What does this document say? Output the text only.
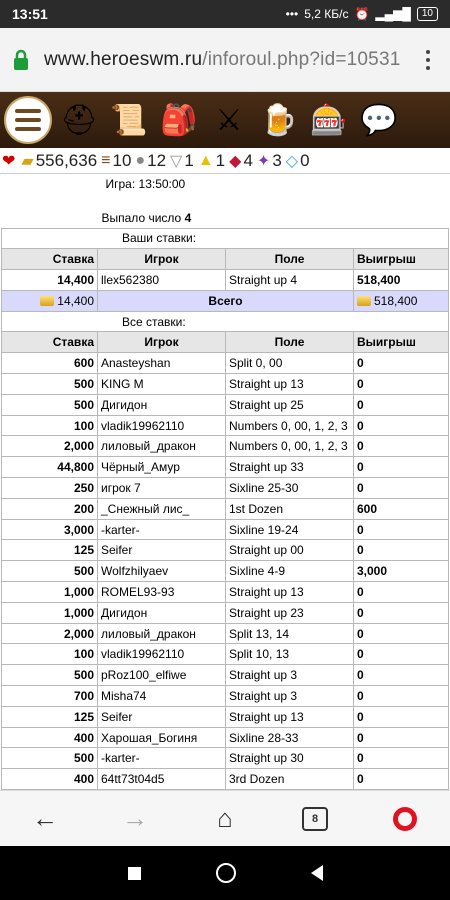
13:51	••• 5,2 КБ/с ⏰ ▂▄▆█	10
www.heroeswm.ru/inforoul.php?id=10531
⛑ 📜 🎒 ⚔ 🍺 🎰 💬
❤ ▰ 556,636 ≡ 10 ● 12 ▽ 1 ▲ 1 ◆ 4 ✦ 3 ◇ 0
Игра: 13:50:00			

Выпало число 4			
Ваши ставки:			
Ставка	Игрок	Поле	Выигрыш
14,400	llex562380	Straight up 4	518,400
14,400	Всего		518,400
Все ставки:			
Ставка	Игрок	Поле	Выигрыш
600	Anasteyshan	Split 0, 00	0
500	KING M	Straight up 13	0
500	Дигидон	Straight up 25	0
100	vladik19962110	Numbers 0, 00, 1, 2, 3	0
2,000	лиловый_дракон	Numbers 0, 00, 1, 2, 3	0
44,800	Чёрный_Амур	Straight up 33	0
250	игрок 7	Sixline 25-30	0
200	_Снежный лис_	1st Dozen	600
3,000	-karter-	Sixline 19-24	0
125	Seifer	Straight up 00	0
500	Wolfzhilyaev	Sixline 4-9	3,000
1,000	ROMEL93-93	Straight up 13	0
1,000	Дигидон	Straight up 23	0
2,000	лиловый_дракон	Split 13, 14	0
100	vladik19962110	Split 10, 13	0
500	pRoz100_elfiwe	Straight up 3	0
700	Misha74	Straight up 3	0
125	Seifer	Straight up 13	0
400	Харошая_Богиня	Sixline 28-33	0
500	-karter-	Straight up 30	0
400	64tt73t04d5	3rd Dozen	0
←	→	⌂	8
